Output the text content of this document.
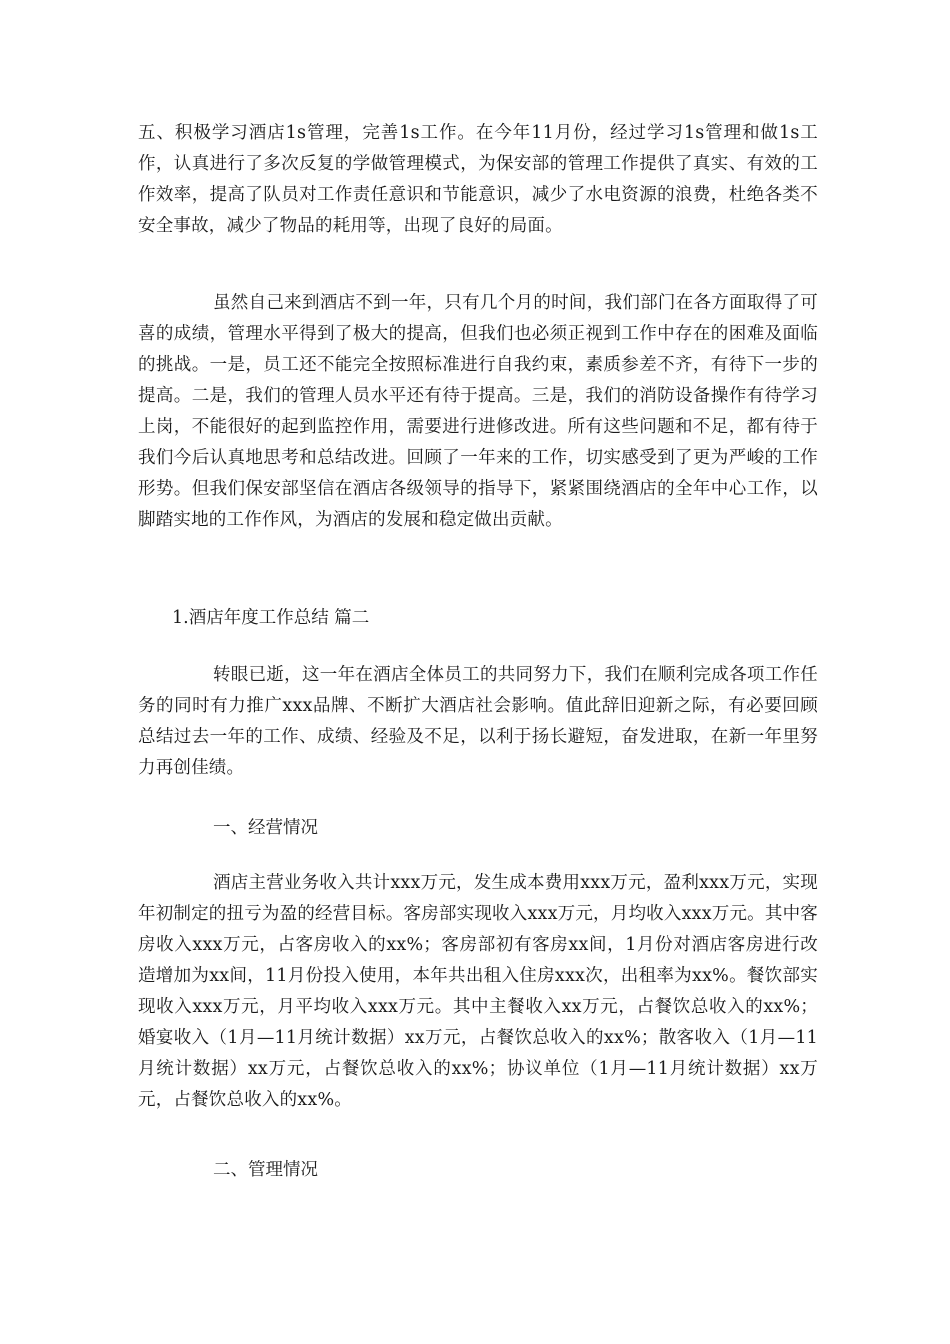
五、积极学习酒店1s管理，完善1s工作。在今年11月份，经过学习1s管理和做1s工作，认真进行了多次反复的学做管理模式，为保安部的管理工作提供了真实、有效的工作效率，提高了队员对工作责任意识和节能意识，减少了水电资源的浪费，杜绝各类不安全事故，减少了物品的耗用等，出现了良好的局面。

虽然自己来到酒店不到一年，只有几个月的时间，我们部门在各方面取得了可喜的成绩，管理水平得到了极大的提高，但我们也必须正视到工作中存在的困难及面临的挑战。一是，员工还不能完全按照标准进行自我约束，素质参差不齐，有待下一步的提高。二是，我们的管理人员水平还有待于提高。三是，我们的消防设备操作有待学习上岗，不能很好的起到监控作用，需要进行进修改进。所有这些问题和不足，都有待于我们今后认真地思考和总结改进。回顾了一年来的工作，切实感受到了更为严峻的工作形势。但我们保安部坚信在酒店各级领导的指导下，紧紧围绕酒店的全年中心工作，以脚踏实地的工作作风，为酒店的发展和稳定做出贡献。

1.酒店年度工作总结 篇二

转眼已逝，这一年在酒店全体员工的共同努力下，我们在顺利完成各项工作任务的同时有力推广xxx品牌、不断扩大酒店社会影响。值此辞旧迎新之际，有必要回顾总结过去一年的工作、成绩、经验及不足，以利于扬长避短，奋发进取，在新一年里努力再创佳绩。

一、经营情况

酒店主营业务收入共计xxx万元，发生成本费用xxx万元，盈利xxx万元，实现年初制定的扭亏为盈的经营目标。客房部实现收入xxx万元，月均收入xxx万元。其中客房收入xxx万元，占客房收入的xx%；客房部初有客房xx间，1月份对酒店客房进行改造增加为xx间，11月份投入使用，本年共出租入住房xxx次，出租率为xx%。餐饮部实现收入xxx万元，月平均收入xxx万元。其中主餐收入xx万元，占餐饮总收入的xx%；婚宴收入（1月—11月统计数据）xx万元，占餐饮总收入的xx%；散客收入（1月—11月统计数据）xx万元，占餐饮总收入的xx%；协议单位（1月—11月统计数据）xx万元，占餐饮总收入的xx%。

二、管理情况
